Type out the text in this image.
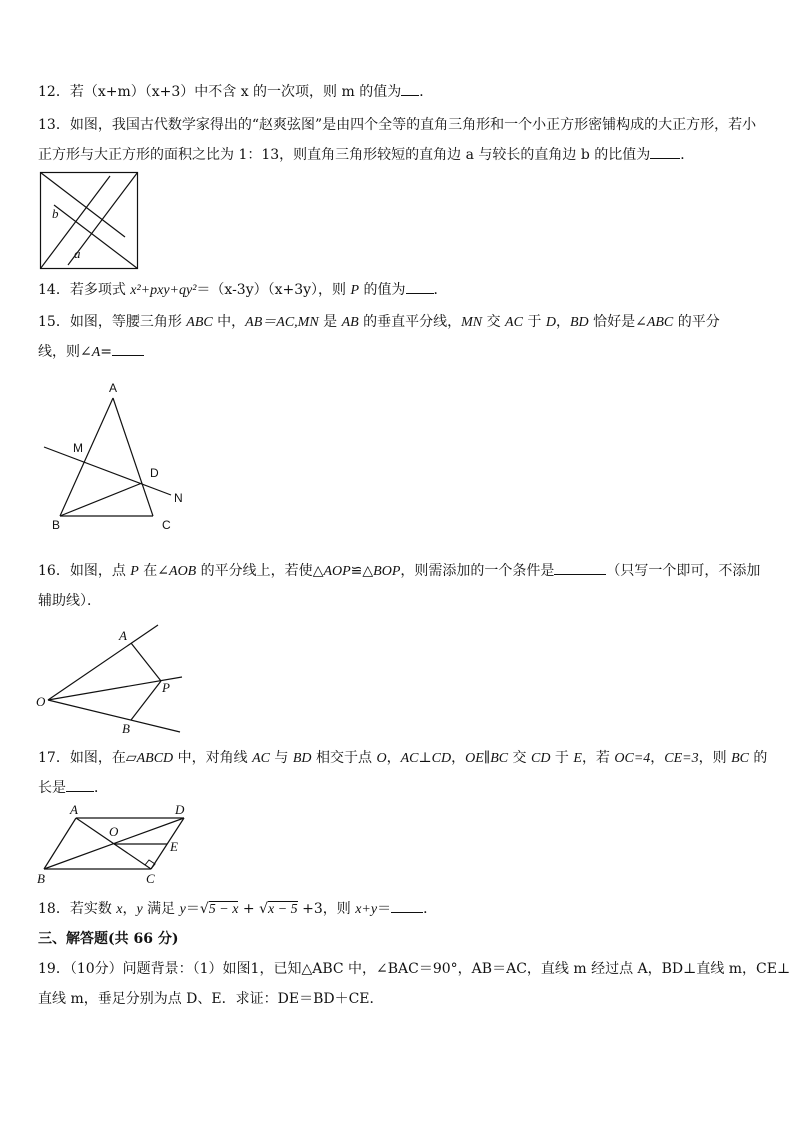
12．若（x+m）（x+3）中不含 x 的一次项，则 m 的值为 ．
13．如图，我国古代数学家得出的“赵爽弦图”是由四个全等的直角三角形和一个小正方形密铺构成的大正方形，若小
正方形与大正方形的面积之比为 1：13，则直角三角形较短的直角边 a 与较长的直角边 b 的比值为 ．
b
a
14．若多项式 x²+pxy+qy²＝（x-3y）（x+3y），则 P 的值为 ．
15．如图，等腰三角形 ABC 中，AB＝AC,MN 是 AB 的垂直平分线，MN 交 AC 于 D，BD 恰好是∠ABC 的平分
线，则∠A=
A
M
D
N
B	C
16．如图，点 P 在∠AOB 的平分线上，若使△AOP≌△BOP，则需添加的一个条件是	（只写一个即可，不添加
辅助线）．
A
O
P
B
17．如图，在▱ABCD 中，对角线 AC 与 BD 相交于点 O，AC⊥CD，OE∥BC 交 CD 于 E，若 OC=4，CE=3，则 BC 的
长是 ．
A	D
O
E
B	C
18．若实数 x，y 满足 y＝√5 − x + √x − 5 +3，则 x+y＝ ．
三、解答题(共 66 分)
19．（10分）问题背景：（1）如图1，已知△ABC 中，∠BAC＝90°，AB＝AC，直线 m 经过点 A，BD⊥直线 m，CE⊥
直线 m，垂足分别为点 D、E．求证：DE＝BD＋CE．
